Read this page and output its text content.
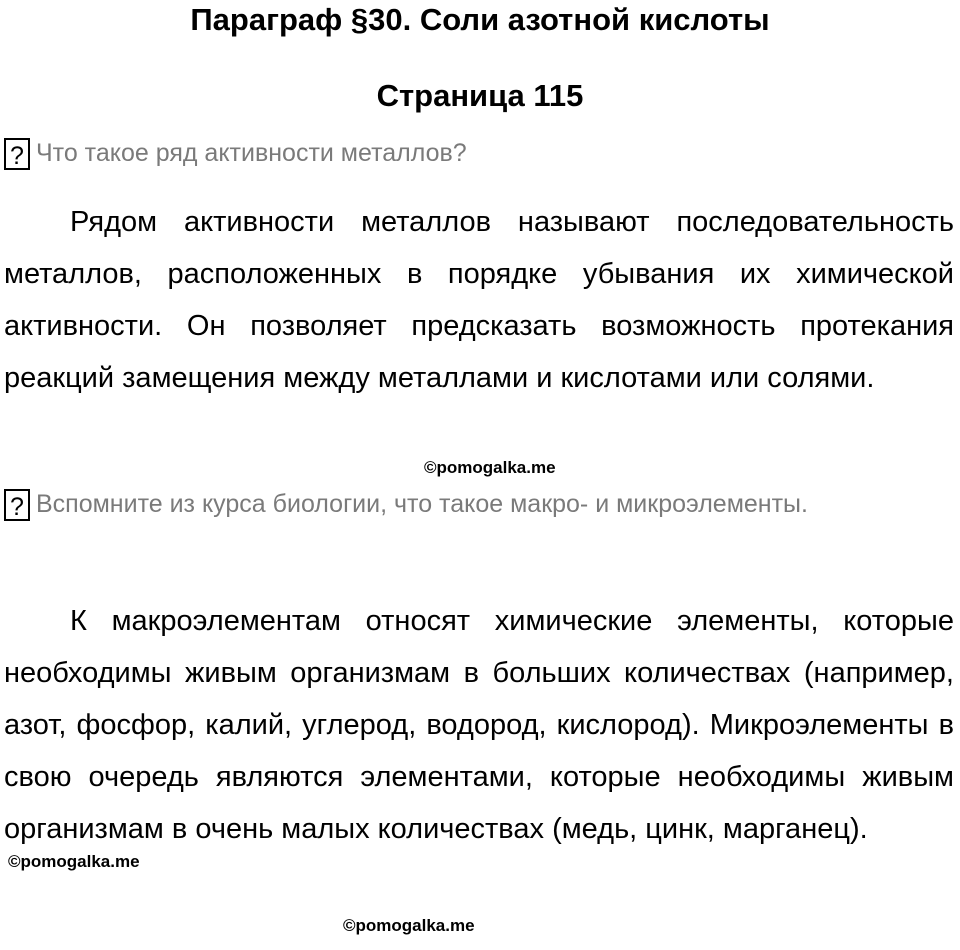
Параграф §30. Соли азотной кислоты
Страница 115
? Что такое ряд активности металлов?
Рядом активности металлов называют последовательность металлов, расположенных в порядке убывания их химической активности. Он позволяет предсказать возможность протекания реакций замещения между металлами и кислотами или солями.
©pomogalka.me
? Вспомните из курса биологии, что такое макро- и микроэлементы.
К макроэлементам относят химические элементы, которые необходимы живым организмам в больших количествах (например, азот, фосфор, калий, углерод, водород, кислород). Микроэлементы в свою очередь являются элементами, которые необходимы живым организмам в очень малых количествах (медь, цинк, марганец).
©pomogalka.me
©pomogalka.me
